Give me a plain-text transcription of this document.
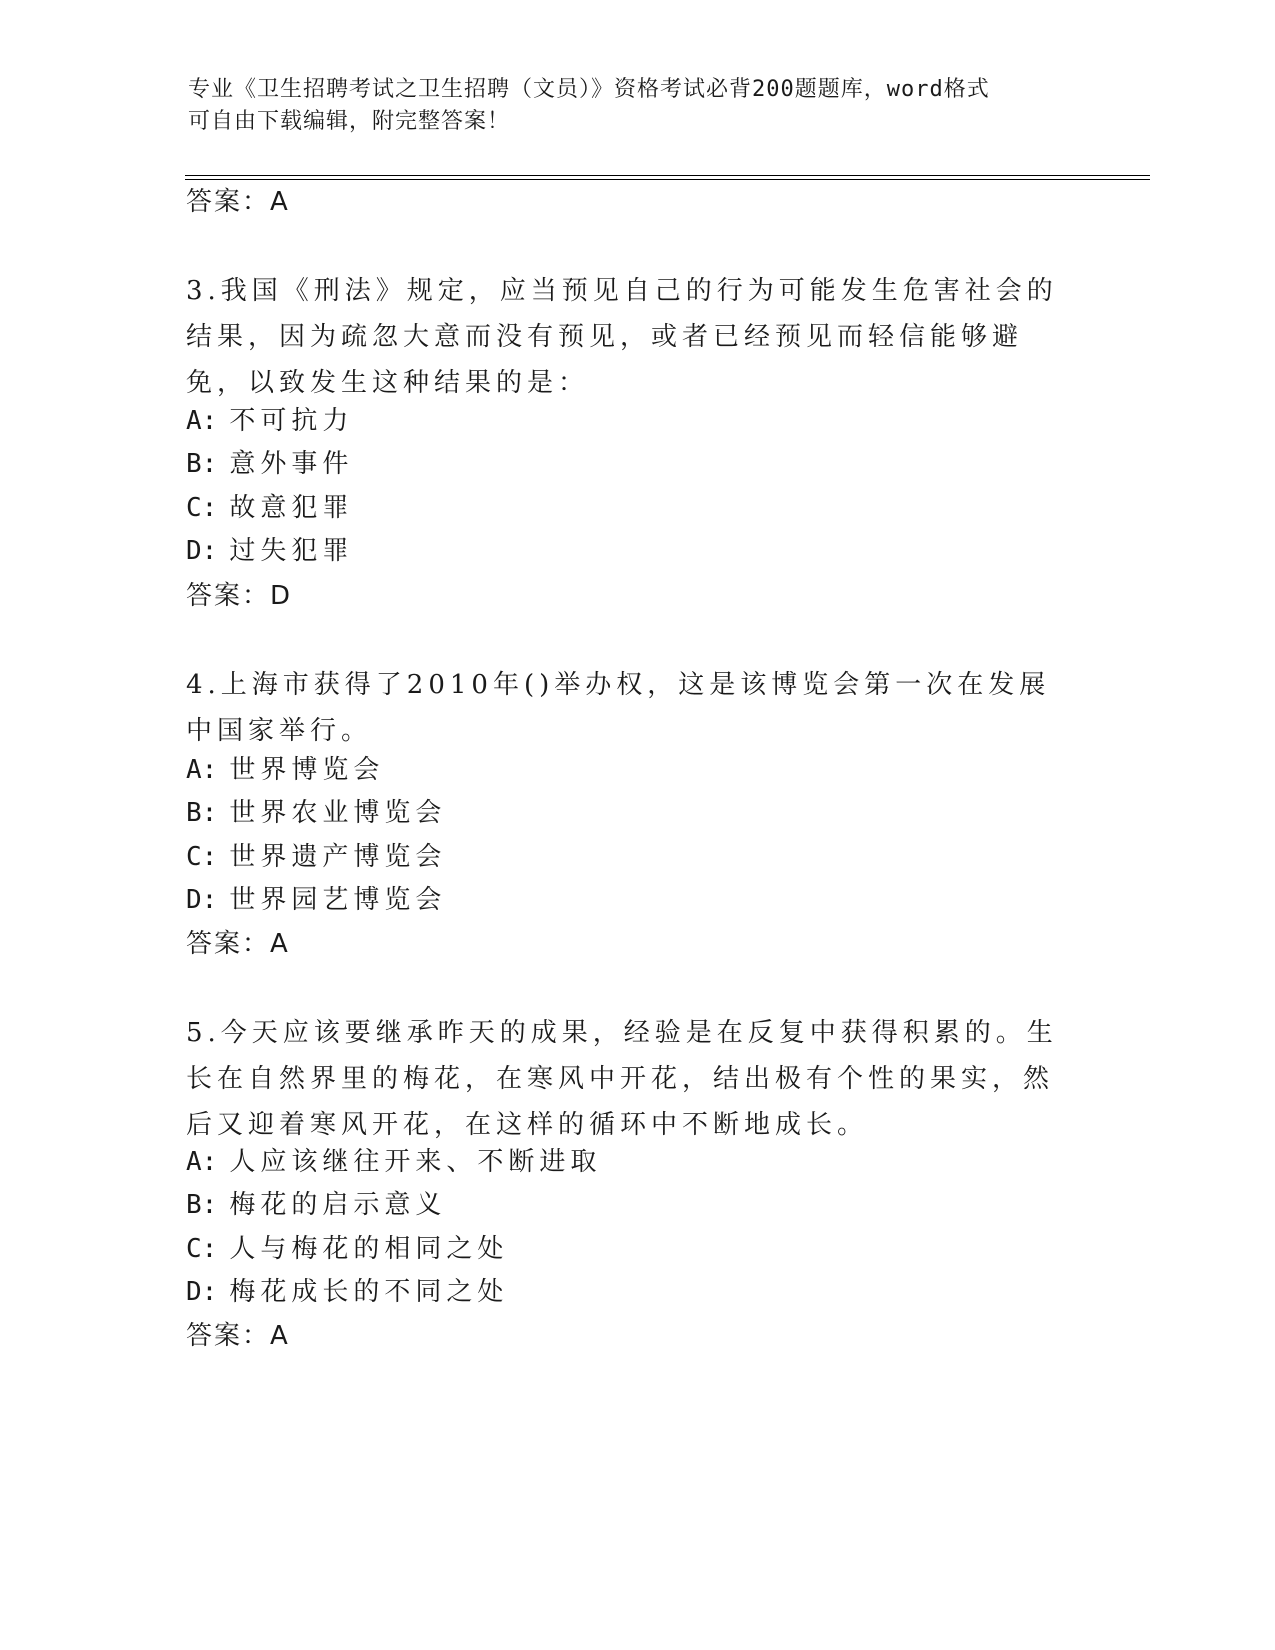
专业《卫生招聘考试之卫生招聘（文员）》资格考试必背200题题库，word格式
可自由下载编辑，附完整答案！
答案：A
3.我国《刑法》规定，应当预见自己的行为可能发生危害社会的结果，因为疏忽大意而没有预见，或者已经预见而轻信能够避免，以致发生这种结果的是：
A: 不可抗力
B: 意外事件
C: 故意犯罪
D: 过失犯罪
答案：D
4.上海市获得了2010年()举办权，这是该博览会第一次在发展中国家举行。
A: 世界博览会
B: 世界农业博览会
C: 世界遗产博览会
D: 世界园艺博览会
答案：A
5.今天应该要继承昨天的成果，经验是在反复中获得积累的。生长在自然界里的梅花，在寒风中开花，结出极有个性的果实，然后又迎着寒风开花，在这样的循环中不断地成长。
A: 人应该继往开来、不断进取
B: 梅花的启示意义
C: 人与梅花的相同之处
D: 梅花成长的不同之处
答案：A
